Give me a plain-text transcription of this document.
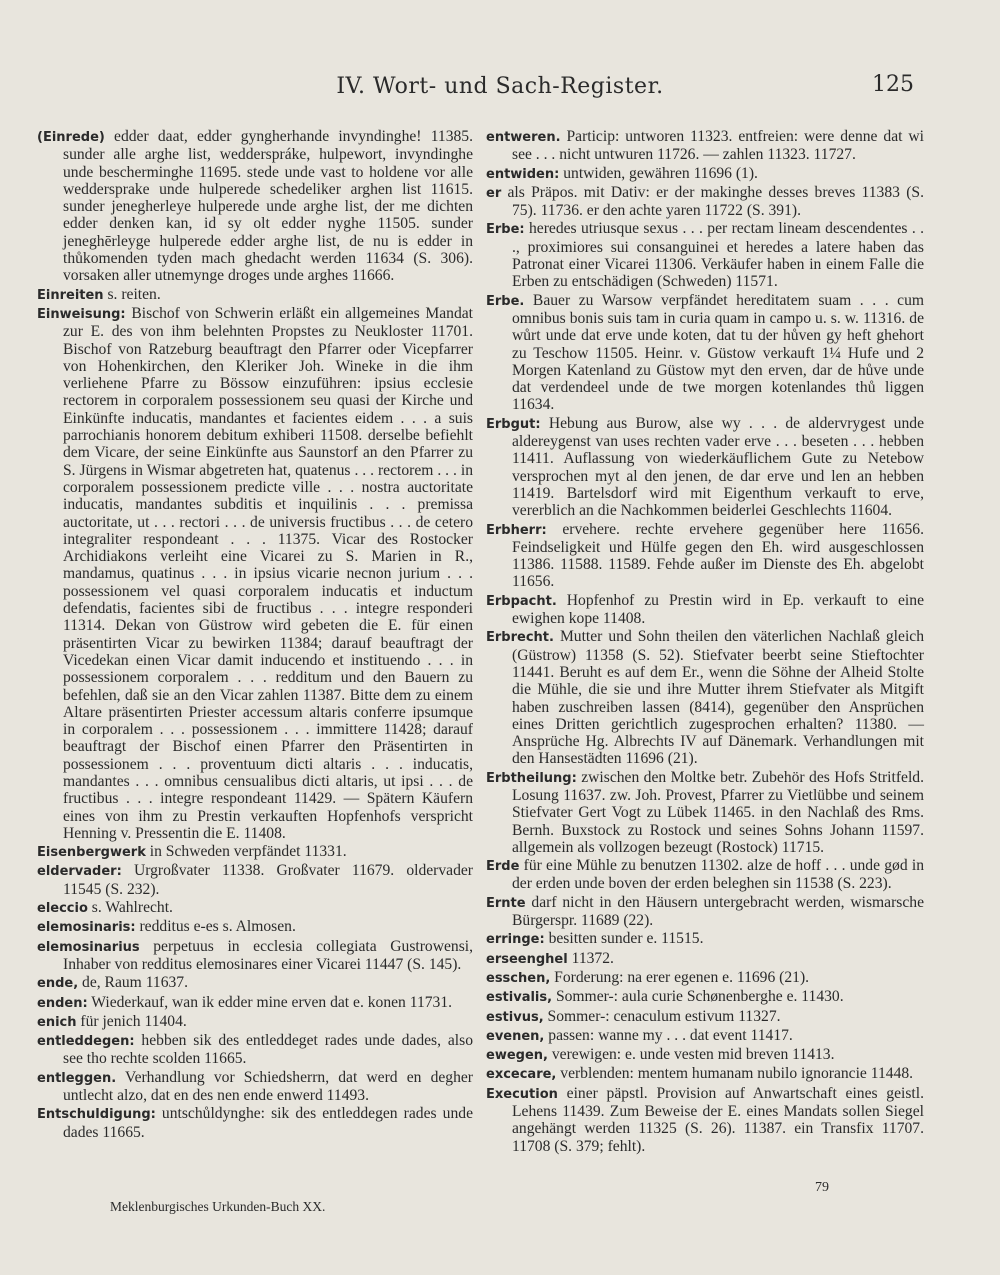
IV. Wort- und Sach-Register.	125

(Einrede) edder daat, edder gyngherhande invyndinghe! 11385. sunder alle arghe list, wedderspráke, hulpewort, invyndinghe unde bescherminghe 11695. stede unde vast to holdene vor alle weddersprake unde hulperede schedeliker arghen list 11615. sunder jenegherleye hulperede unde arghe list, der me dichten edder denken kan, id sy olt edder nyghe 11505. sunder jeneghērleyge hulperede edder arghe list, de nu is edder in thůkomenden tyden mach ghedacht werden 11634 (S. 306). vorsaken aller utnemynge droges unde arghes 11666.

Einreiten s. reiten.

Einweisung: Bischof von Schwerin erläßt ein allgemeines Mandat zur E. des von ihm belehnten Propstes zu Neukloster 11701. Bischof von Ratzeburg beauftragt den Pfarrer oder Vicepfarrer von Hohenkirchen, den Kleriker Joh. Wineke in die ihm verliehene Pfarre zu Bössow einzuführen: ipsius ecclesie rectorem in corporalem possessionem seu quasi der Kirche und Einkünfte inducatis, mandantes et facientes eidem . . . a suis parrochianis honorem debitum exhiberi 11508. derselbe befiehlt dem Vicare, der seine Einkünfte aus Saunstorf an den Pfarrer zu S. Jürgens in Wismar abgetreten hat, quatenus . . . rectorem . . . in corporalem possessionem predicte ville . . . nostra auctoritate inducatis, mandantes subditis et inquilinis . . . premissa auctoritate, ut . . . rectori . . . de universis fructibus . . . de cetero integraliter respondeant . . . 11375. Vicar des Rostocker Archidiakons verleiht eine Vicarei zu S. Marien in R., mandamus, quatinus . . . in ipsius vicarie necnon jurium . . . possessionem vel quasi corporalem inducatis et inductum defendatis, facientes sibi de fructibus . . . integre responderi 11314. Dekan von Güstrow wird gebeten die E. für einen präsentirten Vicar zu bewirken 11384; darauf beauftragt der Vicedekan einen Vicar damit inducendo et instituendo . . . in possessionem corporalem . . . redditum und den Bauern zu befehlen, daß sie an den Vicar zahlen 11387. Bitte dem zu einem Altare präsentirten Priester accessum altaris conferre ipsumque in corporalem . . . possessionem . . . immittere 11428; darauf beauftragt der Bischof einen Pfarrer den Präsentirten in possessionem . . . proventuum dicti altaris . . . inducatis, mandantes . . . omnibus censualibus dicti altaris, ut ipsi . . . de fructibus . . . integre respondeant 11429. — Spätern Käufern eines von ihm zu Prestin verkauften Hopfenhofs verspricht Henning v. Pressentin die E. 11408.

Eisenbergwerk in Schweden verpfändet 11331.

eldervader: Urgroßvater 11338. Großvater 11679. oldervader 11545 (S. 232).

eleccio s. Wahlrecht.

elemosinaris: redditus e-es s. Almosen.

elemosinarius perpetuus in ecclesia collegiata Gustrowensi, Inhaber von redditus elemosinares einer Vicarei 11447 (S. 145).

ende, de, Raum 11637.

enden: Wiederkauf, wan ik edder mine erven dat e. konen 11731.

enich für jenich 11404.

entleddegen: hebben sik des entleddeget rades unde dades, also see tho rechte scolden 11665.

entleggen. Verhandlung vor Schiedsherrn, dat werd en degher untlecht alzo, dat en des nen ende enwerd 11493.

Entschuldigung: untschůldynghe: sik des entleddegen rades unde dades 11665.

entweren. Particip: untworen 11323. entfreien: were denne dat wi see . . . nicht untwuren 11726. — zahlen 11323. 11727.

entwiden: untwiden, gewähren 11696 (1).

er als Präpos. mit Dativ: er der makinghe desses breves 11383 (S. 75). 11736. er den achte yaren 11722 (S. 391).

Erbe: heredes utriusque sexus . . . per rectam lineam descendentes . . ., proximiores sui consanguinei et heredes a latere haben das Patronat einer Vicarei 11306. Verkäufer haben in einem Falle die Erben zu entschädigen (Schweden) 11571.

Erbe. Bauer zu Warsow verpfändet hereditatem suam . . . cum omnibus bonis suis tam in curia quam in campo u. s. w. 11316. de wůrt unde dat erve unde koten, dat tu der hůven gy heft ghehort zu Teschow 11505. Heinr. v. Güstow verkauft 1¼ Hufe und 2 Morgen Katenland zu Güstow myt den erven, dar de hůve unde dat verdendeel unde de twe morgen kotenlandes thů liggen 11634.

Erbgut: Hebung aus Burow, alse wy . . . de aldervrygest unde aldereygenst van uses rechten vader erve . . . beseten . . . hebben 11411. Auflassung von wiederkäuflichem Gute zu Netebow versprochen myt al den jenen, de dar erve und len an hebben 11419. Bartelsdorf wird mit Eigenthum verkauft to erve, vererblich an die Nachkommen beiderlei Geschlechts 11604.

Erbherr: ervehere. rechte ervehere gegenüber here 11656. Feindseligkeit und Hülfe gegen den Eh. wird ausgeschlossen 11386. 11588. 11589. Fehde außer im Dienste des Eh. abgelobt 11656.

Erbpacht. Hopfenhof zu Prestin wird in Ep. verkauft to eine ewighen kope 11408.

Erbrecht. Mutter und Sohn theilen den väterlichen Nachlaß gleich (Güstrow) 11358 (S. 52). Stiefvater beerbt seine Stieftochter 11441. Beruht es auf dem Er., wenn die Söhne der Alheid Stolte die Mühle, die sie und ihre Mutter ihrem Stiefvater als Mitgift haben zuschreiben lassen (8414), gegenüber den Ansprüchen eines Dritten gerichtlich zugesprochen erhalten? 11380. — Ansprüche Hg. Albrechts IV auf Dänemark. Verhandlungen mit den Hansestädten 11696 (21).

Erbtheilung: zwischen den Moltke betr. Zubehör des Hofs Stritfeld. Losung 11637. zw. Joh. Provest, Pfarrer zu Vietlübbe und seinem Stiefvater Gert Vogt zu Lübek 11465. in den Nachlaß des Rms. Bernh. Buxstock zu Rostock und seines Sohns Johann 11597. allgemein als vollzogen bezeugt (Rostock) 11715.

Erde für eine Mühle zu benutzen 11302. alze de hoff . . . unde gød in der erden unde boven der erden beleghen sin 11538 (S. 223).

Ernte darf nicht in den Häusern untergebracht werden, wismarsche Bürgerspr. 11689 (22).

erringe: besitten sunder e. 11515.

erseenghel 11372.

esschen, Forderung: na erer egenen e. 11696 (21).

estivalis, Sommer-: aula curie Schønenberghe e. 11430.

estivus, Sommer-: cenaculum estivum 11327.

evenen, passen: wanne my . . . dat event 11417.

ewegen, verewigen: e. unde vesten mid breven 11413.

excecare, verblenden: mentem humanam nubilo ignorancie 11448.

Execution einer päpstl. Provision auf Anwartschaft eines geistl. Lehens 11439. Zum Beweise der E. eines Mandats sollen Siegel angehängt werden 11325 (S. 26). 11387. ein Transfix 11707. 11708 (S. 379; fehlt).

Meklenburgisches Urkunden-Buch XX.
79
